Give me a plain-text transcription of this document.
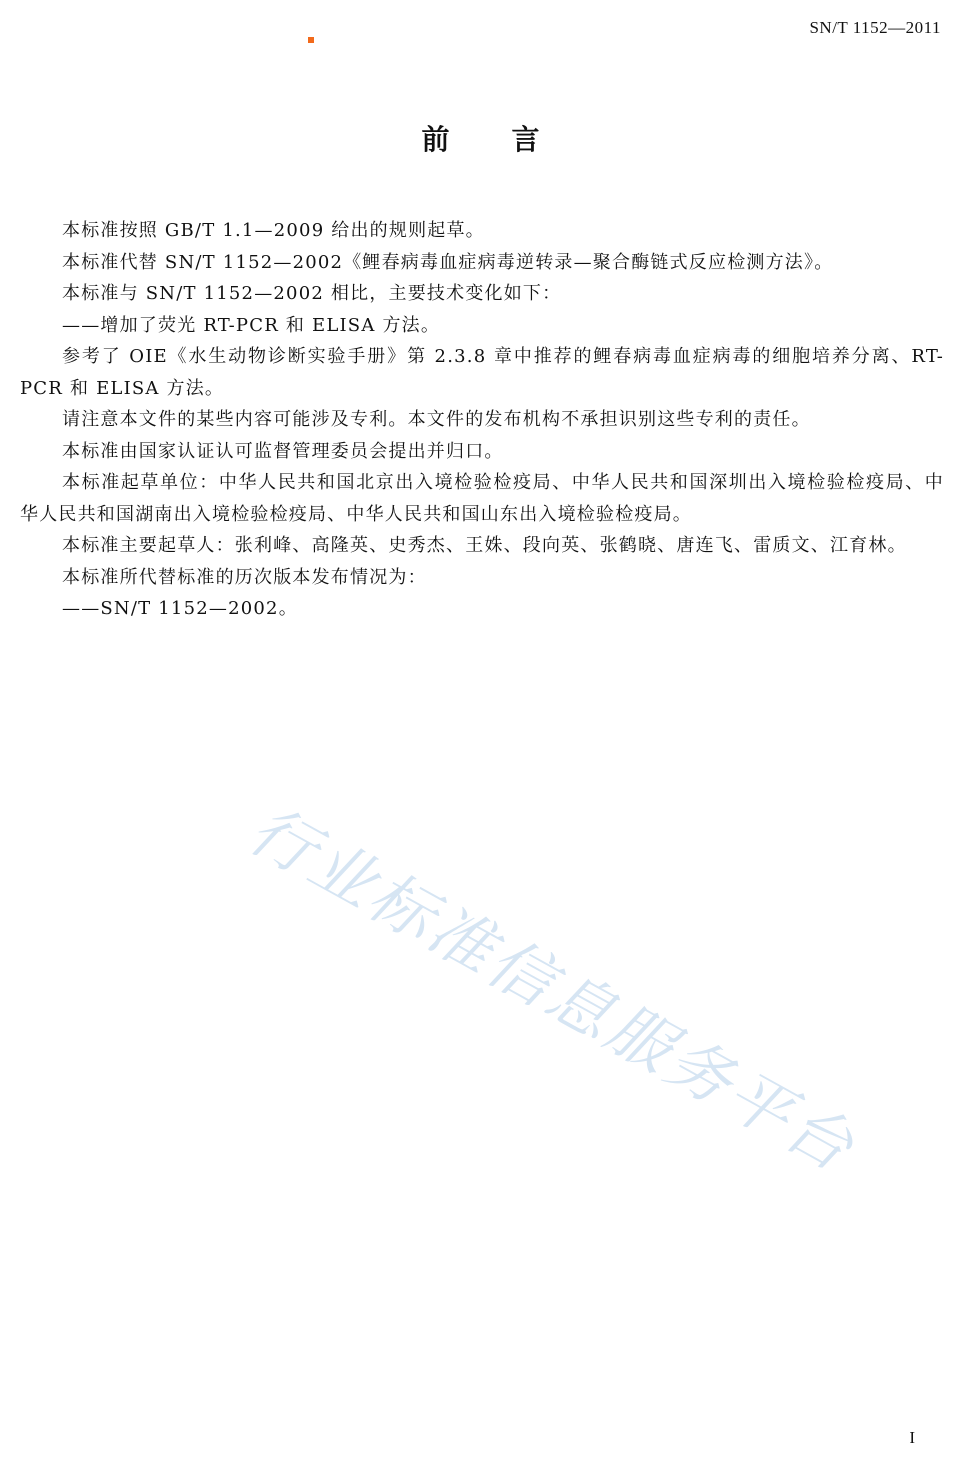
SN/T 1152—2011
前 言

本标准按照 GB/T 1.1—2009 给出的规则起草。

本标准代替 SN/T 1152—2002《鲤春病毒血症病毒逆转录—聚合酶链式反应检测方法》。

本标准与 SN/T 1152—2002 相比，主要技术变化如下：

——增加了荧光 RT-PCR 和 ELISA 方法。

参考了 OIE《水生动物诊断实验手册》第 2.3.8 章中推荐的鲤春病毒血症病毒的细胞培养分离、RT-PCR 和 ELISA 方法。

请注意本文件的某些内容可能涉及专利。本文件的发布机构不承担识别这些专利的责任。

本标准由国家认证认可监督管理委员会提出并归口。

本标准起草单位：中华人民共和国北京出入境检验检疫局、中华人民共和国深圳出入境检验检疫局、中华人民共和国湖南出入境检验检疫局、中华人民共和国山东出入境检验检疫局。

本标准主要起草人：张利峰、高隆英、史秀杰、王姝、段向英、张鹤晓、唐连飞、雷质文、江育林。

本标准所代替标准的历次版本发布情况为：

——SN/T 1152—2002。

行业标准信息服务平台
I
